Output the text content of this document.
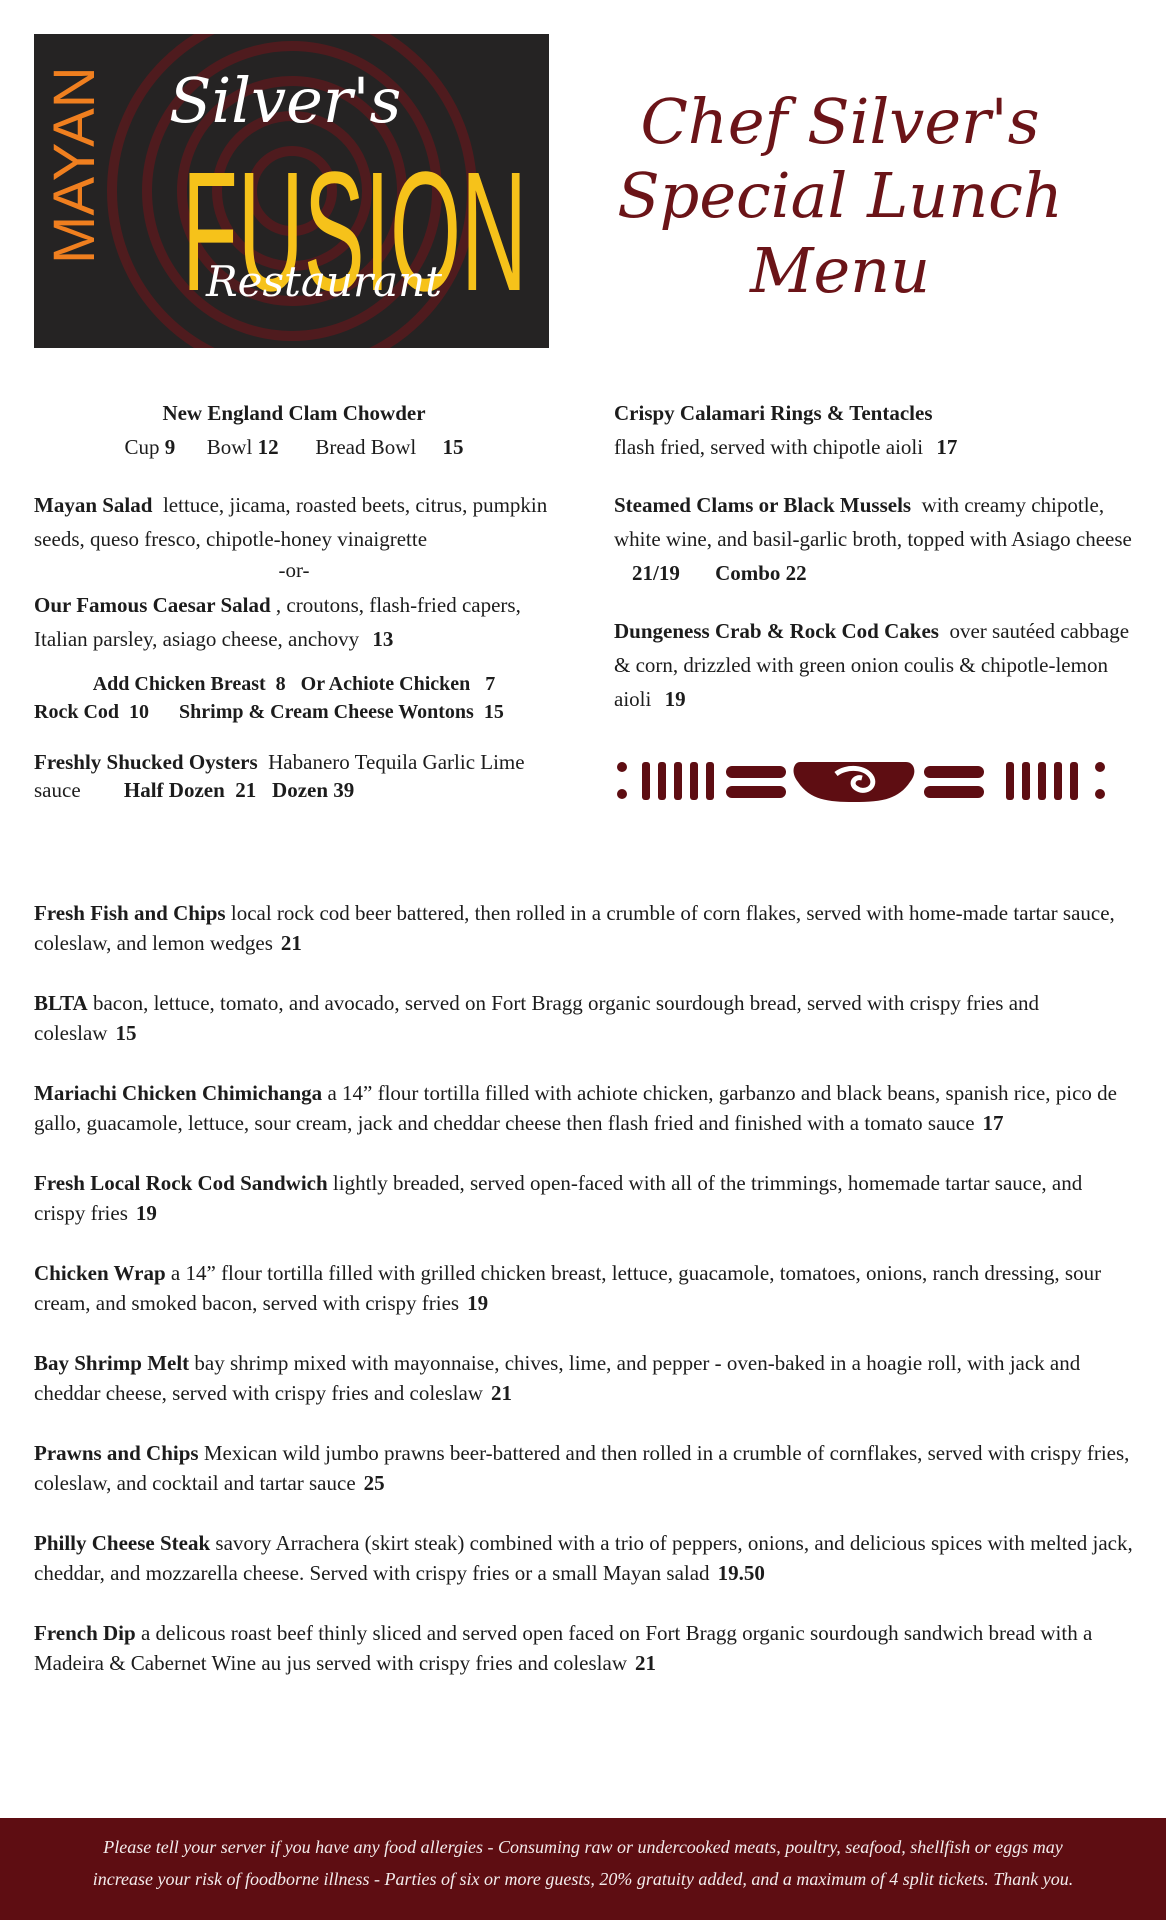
MAYAN FUSION
Silver's
Restaurant
Chef Silver's
Special Lunch Menu
New England Clam Chowder
Cup 9 Bowl 12 Bread Bowl 15
Mayan Salad lettuce, jicama, roasted beets, citrus, pumpkin seeds, queso fresco, chipotle-honey vinaigrette
-or-
Our Famous Caesar Salad , croutons, flash-fried capers, Italian parsley, asiago cheese, anchovy 13
Add Chicken Breast  8   Or Achiote Chicken   7
Rock Cod  10      Shrimp & Cream Cheese Wontons  15
Freshly Shucked Oysters Habanero Tequila Garlic Lime sauce Half Dozen  21   Dozen 39
Crispy Calamari Rings & Tentacles
flash fried, served with chipotle aioli 17
Steamed Clams or Black Mussels with creamy chipotle, white wine, and basil-garlic broth, topped with Asiago cheese 21/19 Combo 22
Dungeness Crab & Rock Cod Cakes over sautéed cabbage & corn, drizzled with green onion coulis & chipotle-lemon aioli 19
Fresh Fish and Chips local rock cod beer battered, then rolled in a crumble of corn flakes, served with home-made tartar sauce, coleslaw, and lemon wedges 21
BLTA bacon, lettuce, tomato, and avocado, served on Fort Bragg organic sourdough bread, served with crispy fries and coleslaw 15
Mariachi Chicken Chimichanga a 14” flour tortilla filled with achiote chicken, garbanzo and black beans, spanish rice, pico de gallo, guacamole, lettuce, sour cream, jack and cheddar cheese then flash fried and finished with a tomato sauce 17
Fresh Local Rock Cod Sandwich lightly breaded, served open-faced with all of the trimmings, homemade tartar sauce, and crispy fries 19
Chicken Wrap a 14” flour tortilla filled with grilled chicken breast, lettuce, guacamole, tomatoes, onions, ranch dressing, sour cream, and smoked bacon, served with crispy fries 19
Bay Shrimp Melt bay shrimp mixed with mayonnaise, chives, lime, and pepper - oven-baked in a hoagie roll, with jack and cheddar cheese, served with crispy fries and coleslaw 21
Prawns and Chips Mexican wild jumbo prawns beer-battered and then rolled in a crumble of cornflakes, served with crispy fries, coleslaw, and cocktail and tartar sauce 25
Philly Cheese Steak savory Arrachera (skirt steak) combined with a trio of peppers, onions, and delicious spices with melted jack, cheddar, and mozzarella cheese. Served with crispy fries or a small Mayan salad 19.50
French Dip a delicous roast beef thinly sliced and served open faced on Fort Bragg organic sourdough sandwich bread with a Madeira & Cabernet Wine au jus served with crispy fries and coleslaw 21
Please tell your server if you have any food allergies - Consuming raw or undercooked meats, poultry, seafood, shellfish or eggs may
increase your risk of foodborne illness - Parties of six or more guests, 20% gratuity added, and a maximum of 4 split tickets. Thank you.
